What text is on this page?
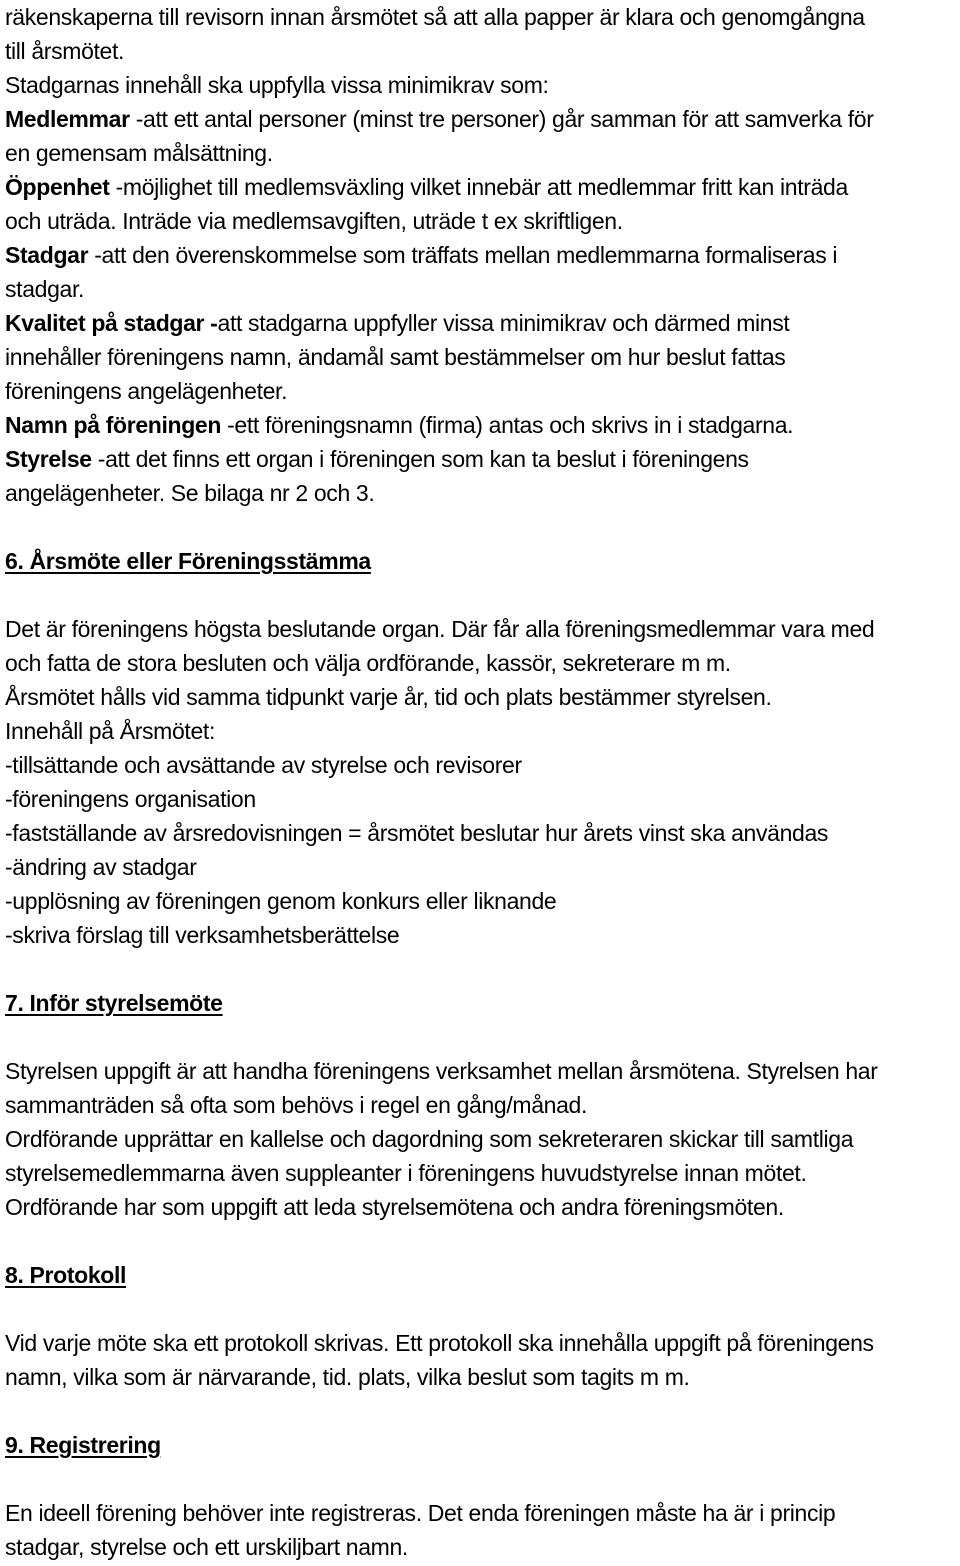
räkenskaperna till revisorn innan årsmötet så att alla papper är klara och genomgångna

till årsmötet.

Stadgarnas innehåll ska uppfylla vissa minimikrav som:

Medlemmar -att ett antal personer (minst tre personer) går samman för att samverka för

en gemensam målsättning.

Öppenhet -möjlighet till medlemsväxling vilket innebär att medlemmar fritt kan inträda

och uträda. Inträde via medlemsavgiften, uträde t ex skriftligen.

Stadgar -att den överenskommelse som träffats mellan medlemmarna formaliseras i

stadgar.

Kvalitet på stadgar -att stadgarna uppfyller vissa minimikrav och därmed minst

innehåller föreningens namn, ändamål samt bestämmelser om hur beslut fattas

föreningens angelägenheter.

Namn på föreningen -ett föreningsnamn (firma) antas och skrivs in i stadgarna.

Styrelse -att det finns ett organ i föreningen som kan ta beslut i föreningens

angelägenheter. Se bilaga nr 2 och 3.

6. Årsmöte eller Föreningsstämma

Det är föreningens högsta beslutande organ. Där får alla föreningsmedlemmar vara med

och fatta de stora besluten och välja ordförande, kassör, sekreterare m m.

Årsmötet hålls vid samma tidpunkt varje år, tid och plats bestämmer styrelsen.

Innehåll på Årsmötet:

-tillsättande och avsättande av styrelse och revisorer

-föreningens organisation

-fastställande av årsredovisningen = årsmötet beslutar hur årets vinst ska användas

-ändring av stadgar

-upplösning av föreningen genom konkurs eller liknande

-skriva förslag till verksamhetsberättelse

7. Inför styrelsemöte

Styrelsen uppgift är att handha föreningens verksamhet mellan årsmötena. Styrelsen har

sammanträden så ofta som behövs i regel en gång/månad.

Ordförande upprättar en kallelse och dagordning som sekreteraren skickar till samtliga

styrelsemedlemmarna även suppleanter i föreningens huvudstyrelse innan mötet.

Ordförande har som uppgift att leda styrelsemötena och andra föreningsmöten.

8. Protokoll

Vid varje möte ska ett protokoll skrivas. Ett protokoll ska innehålla uppgift på föreningens

namn, vilka som är närvarande, tid. plats, vilka beslut som tagits m m.

9. Registrering

En ideell förening behöver inte registreras. Det enda föreningen måste ha är i princip

stadgar, styrelse och ett urskiljbart namn.
